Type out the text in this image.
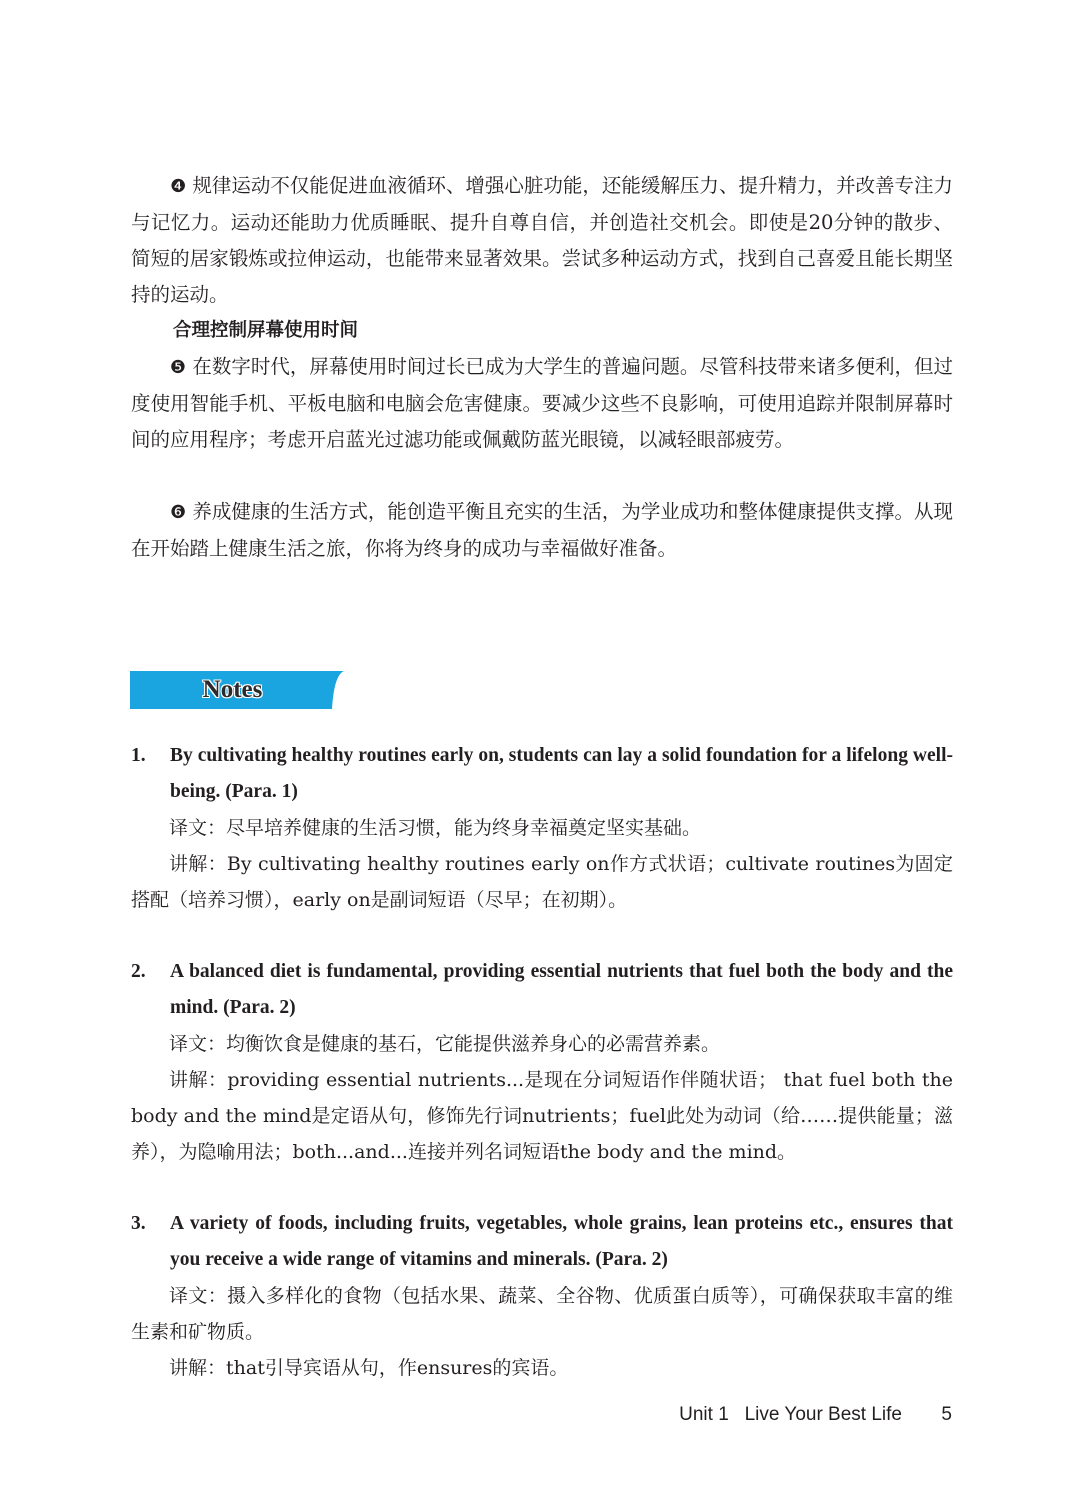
❹ 规律运动不仅能促进血液循环、增强心脏功能，还能缓解压力、提升精力，并改善专注力与记忆力。运动还能助力优质睡眠、提升自尊自信，并创造社交机会。即使是20分钟的散步、简短的居家锻炼或拉伸运动，也能带来显著效果。尝试多种运动方式，找到自己喜爱且能长期坚持的运动。

合理控制屏幕使用时间

❺ 在数字时代，屏幕使用时间过长已成为大学生的普遍问题。尽管科技带来诸多便利，但过度使用智能手机、平板电脑和电脑会危害健康。要减少这些不良影响，可使用追踪并限制屏幕时间的应用程序；考虑开启蓝光过滤功能或佩戴防蓝光眼镜，以减轻眼部疲劳。

❻ 养成健康的生活方式，能创造平衡且充实的生活，为学业成功和整体健康提供支撑。从现在开始踏上健康生活之旅，你将为终身的成功与幸福做好准备。

Notes
1. By cultivating healthy routines early on, students can lay a solid foundation for a lifelong well-being. (Para. 1)

译文：尽早培养健康的生活习惯，能为终身幸福奠定坚实基础。

讲解：By cultivating healthy routines early on作方式状语；cultivate routines为固定搭配（培养习惯），early on是副词短语（尽早；在初期）。

2. A balanced diet is fundamental, providing essential nutrients that fuel both the body and the mind. (Para. 2)

译文：均衡饮食是健康的基石，它能提供滋养身心的必需营养素。

讲解：providing essential nutrients...是现在分词短语作伴随状语； that fuel both the body and the mind是定语从句，修饰先行词nutrients；fuel此处为动词（给……提供能量；滋养），为隐喻用法；both...and...连接并列名词短语the body and the mind。

3. A variety of foods, including fruits, vegetables, whole grains, lean proteins etc., ensures that you receive a wide range of vitamins and minerals. (Para. 2)

译文：摄入多样化的食物（包括水果、蔬菜、全谷物、优质蛋白质等），可确保获取丰富的维生素和矿物质。

讲解：that引导宾语从句，作ensures的宾语。

Unit 1   Live Your Best Life 5
